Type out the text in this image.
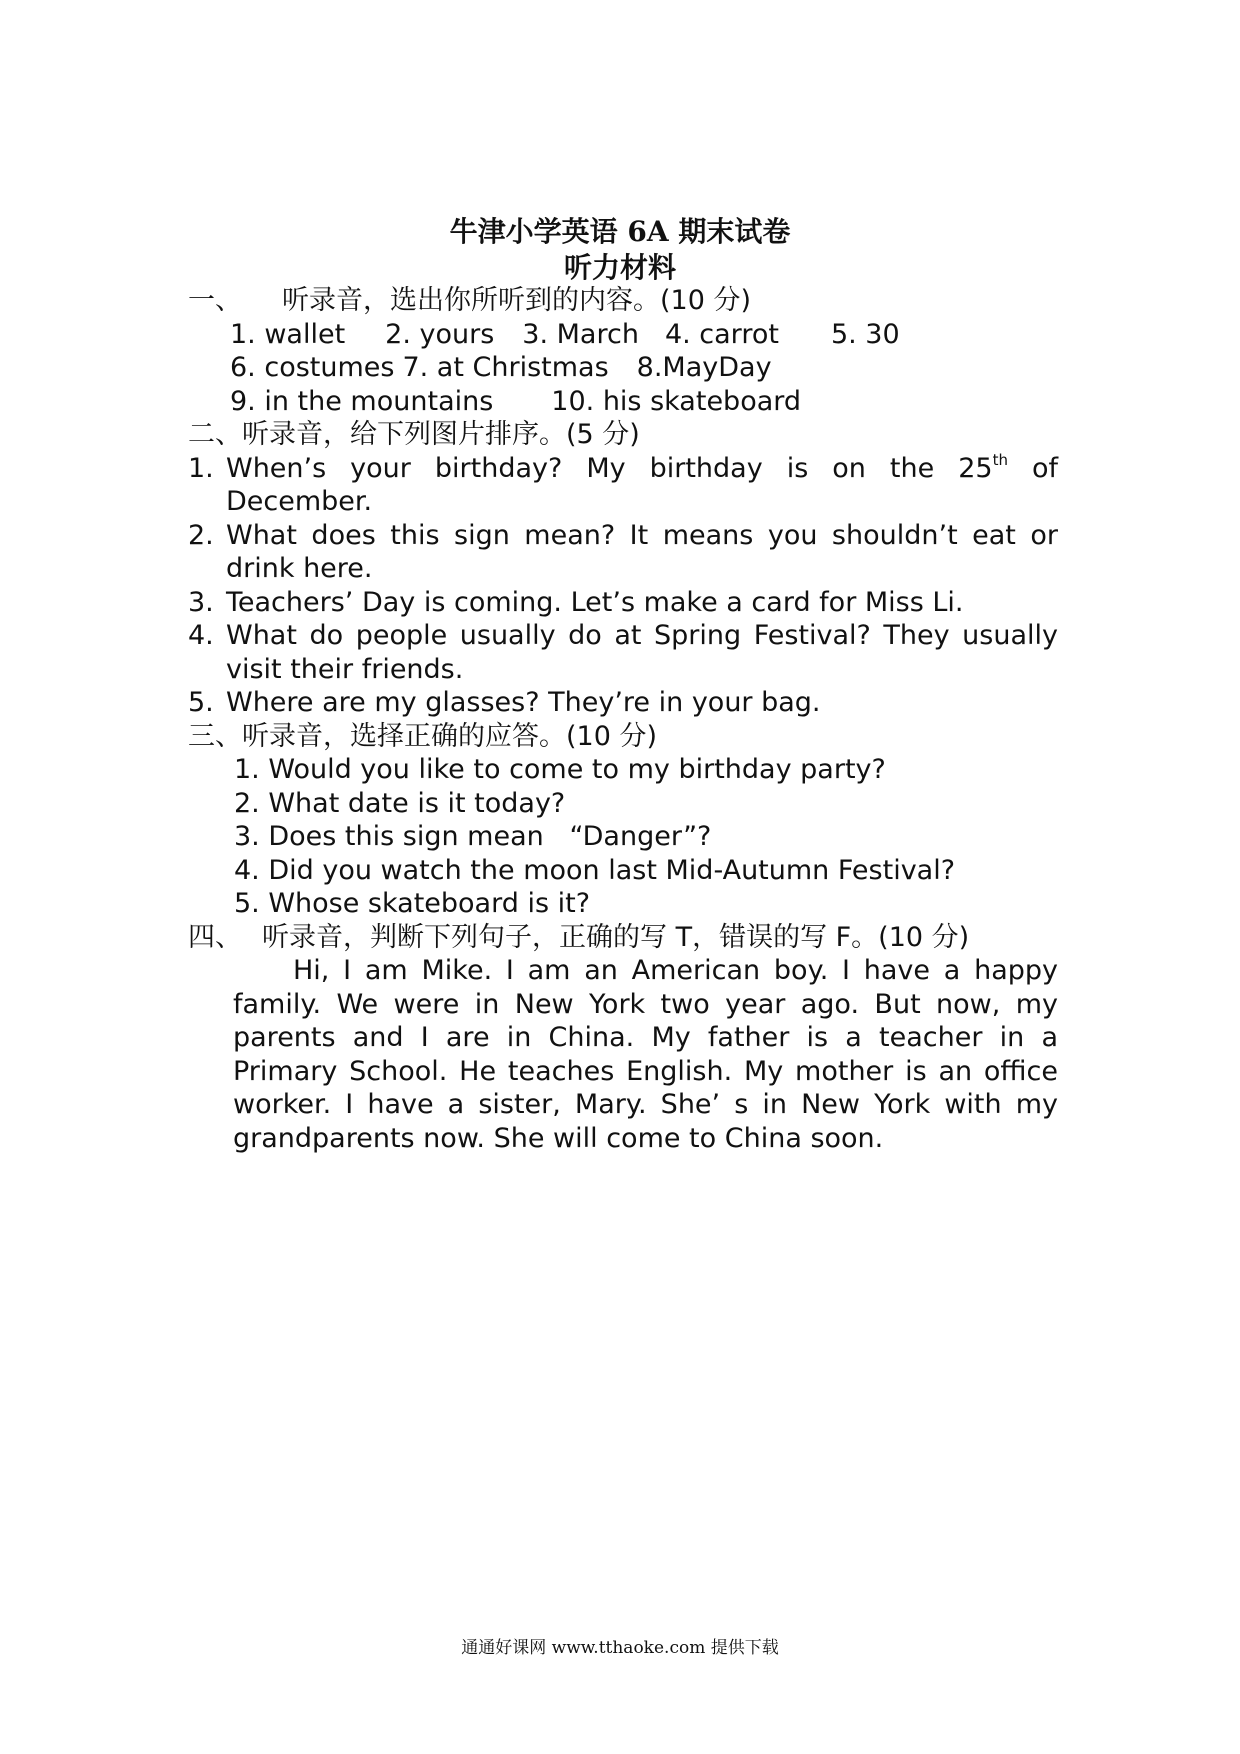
牛津小学英语 6A 期末试卷
听力材料
一、 听录音，选出你所听到的内容。(10 分)
1. wallet 2. yours 3. March 4. carrot 5. 30
6. costumes 7. at Christmas 8.MayDay
9. in the mountains 10. his skateboard
二、听录音，给下列图片排序。(5 分)
1. When’s your birthday? My birthday is on the 25th of December.
2. What does this sign mean? It means you shouldn’t eat or drink here.
3. Teachers’ Day is coming. Let’s make a card for Miss Li.
4. What do people usually do at Spring Festival? They usually visit their friends.
5. Where are my glasses? They’re in your bag.
三、听录音，选择正确的应答。(10 分)
1. Would you like to come to my birthday party?
2. What date is it today?
3. Does this sign mean   “Danger”?
4. Did you watch the moon last Mid-Autumn Festival?
5. Whose skateboard is it?
四、 听录音，判断下列句子，正确的写 T，错误的写 F。(10 分)
Hi, I am Mike. I am an American boy. I have a happy family. We were in New York two year ago. But now, my parents and I are in China. My father is a teacher in a Primary School. He teaches English. My mother is an office worker. I have a sister, Mary. She’ s in New York with my grandparents now. She will come to China soon.
通通好课网 www.tthaoke.com 提供下载
